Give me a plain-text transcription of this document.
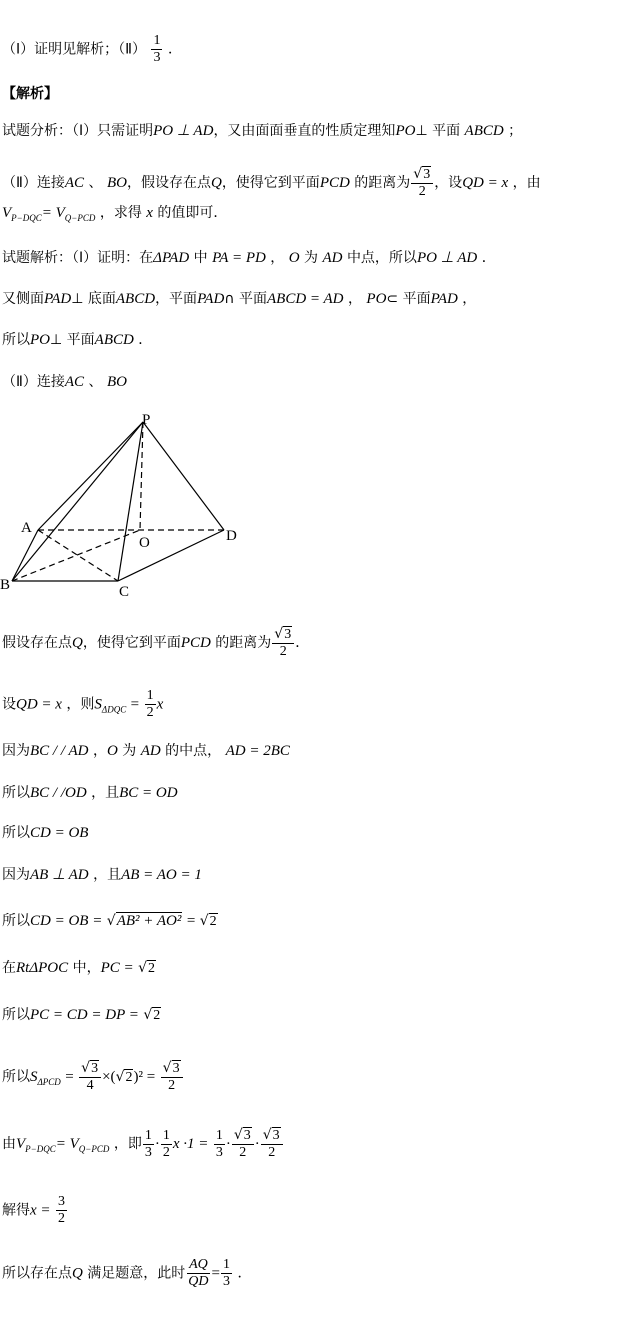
（Ⅰ）证明见解析；（Ⅱ） $\frac{1}{3}$ ．
【解析】
试题分析：（Ⅰ）只需证明PO ⊥ AD，又由面面垂直的性质定理知PO⊥ 平面 ABCD ；
（Ⅱ）连接AC 、 BO，假设存在点Q，使得它到平面PCD 的距离为 $\frac{√3}{2}$ ，设QD = x ，由
$V_{P-DQC}= V_{Q-PCD}$ ，求得 x 的值即可．
试题解析：（Ⅰ）证明：在ΔPAD 中 PA = PD ， O 为 AD 中点，所以PO ⊥ AD ．
又侧面PAD⊥ 底面ABCD，平面PAD∩ 平面ABCD = AD ， PO⊂ 平面PAD ，
所以PO⊥ 平面ABCD ．
（Ⅱ）连接AC 、 BO
P
A
O	D
B	C
假设存在点Q，使得它到平面PCD 的距离为 $\frac{√3}{2}$ ．
设QD = x ，则$S_{\Delta DQC} = \frac{1}{2}$ x
因为BC / / AD ，O 为 AD 的中点， AD = 2BC
所以BC / /OD ，且BC = OD
所以CD = OB
因为AB ⊥ AD ，且AB = AO = 1
所以CD = OB = √AB² + AO² = √2
在RtΔPOC 中，PC = √2
所以PC = CD = DP = √2
所以$S_{\Delta PCD} = \frac{√3}{4} \times(√2)^2 = \frac{√3}{2}$
由$V_{P-DQC}= V_{Q-PCD}$ ，即 $\frac{1}{3} \cdot \frac{1}{2}$ $x \cdot 1 = \frac{1}{3} \cdot \frac{√3}{2} \cdot \frac{√3}{2}$
解得$x = \frac{3}{2}$
所以存在点Q 满足题意，此时 $\frac{AQ}{QD} = \frac{1}{3}$ ．
